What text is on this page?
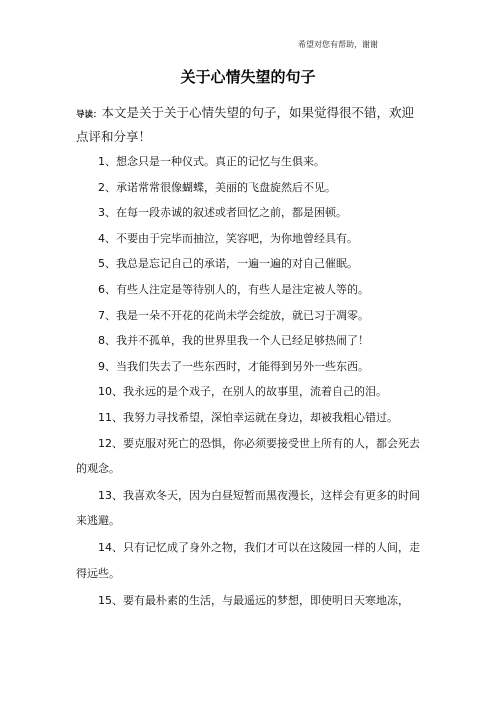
希望对您有帮助，谢谢
关于心情失望的句子
导读：本文是关于关于心情失望的句子，如果觉得很不错，欢迎点评和分享！

1、想念只是一种仪式。真正的记忆与生俱来。

2、承诺常常很像蝴蝶，美丽的飞盘旋然后不见。

3、在每一段赤诚的叙述或者回忆之前，都是困顿。

4、不要由于完毕而抽泣，笑容吧，为你地曾经具有。

5、我总是忘记自己的承诺，一遍一遍的对自己催眠。

6、有些人注定是等待别人的，有些人是注定被人等的。

7、我是一朵不开花的花尚未学会绽放，就已习于凋零。

8、我并不孤单，我的世界里我一个人已经足够热闹了！

9、当我们失去了一些东西时，才能得到另外一些东西。

10、我永远的是个戏子，在别人的故事里，流着自己的泪。

11、我努力寻找希望，深怕幸运就在身边，却被我粗心错过。

12、要克服对死亡的恐惧，你必须要接受世上所有的人，都会死去的观念。

13、我喜欢冬天，因为白昼短暂而黑夜漫长，这样会有更多的时间来逃避。

14、只有记忆成了身外之物，我们才可以在这陵园一样的人间，走得远些。

15、要有最朴素的生活，与最遥远的梦想，即使明日天寒地冻，
